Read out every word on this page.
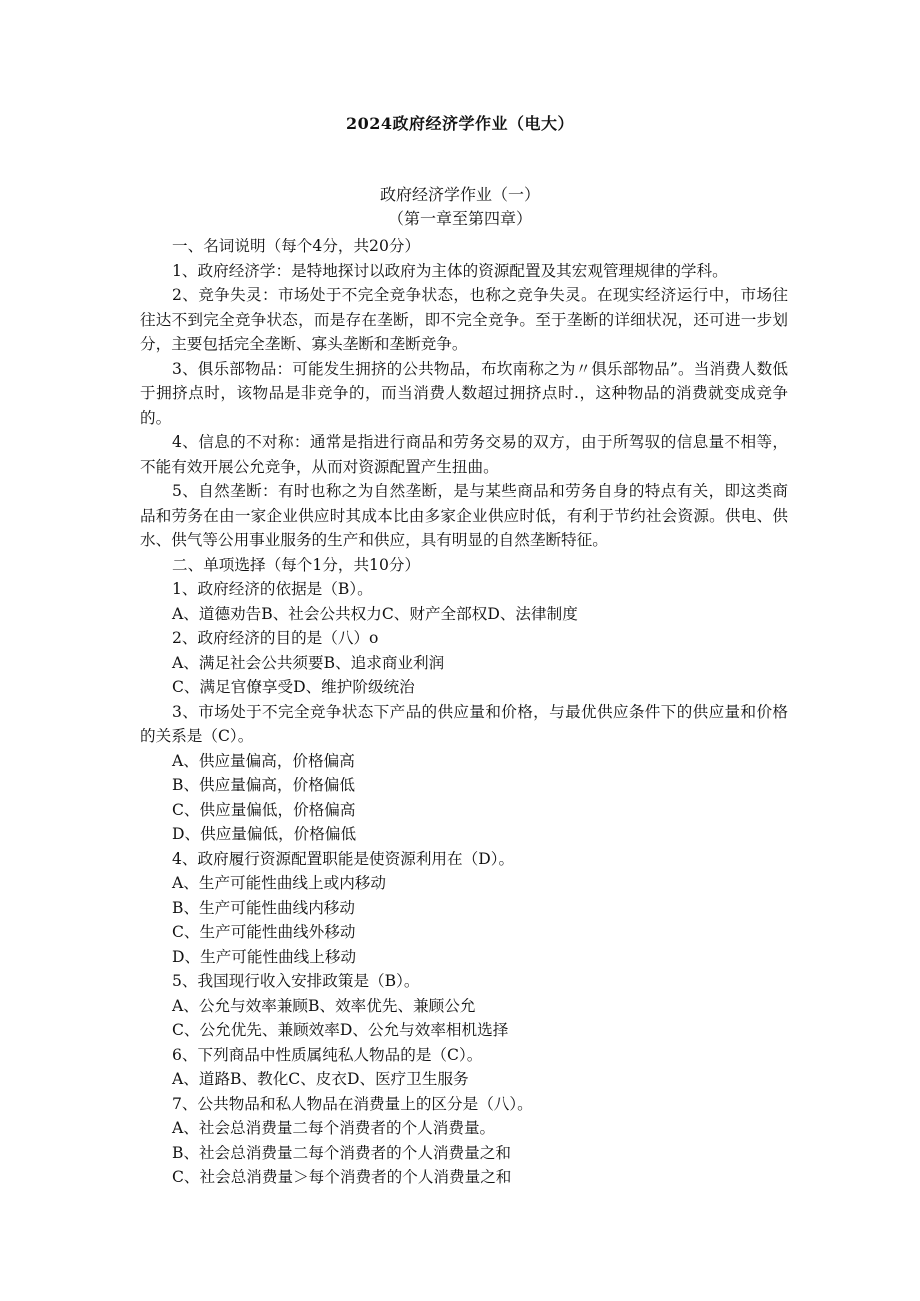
2024政府经济学作业（电大）
政府经济学作业（一）
（第一章至第四章）

一、名词说明（每个4分，共20分）

1、政府经济学：是特地探讨以政府为主体的资源配置及其宏观管理规律的学科。

2、竞争失灵：市场处于不完全竞争状态，也称之竞争失灵。在现实经济运行中，市场往往达不到完全竞争状态，而是存在垄断，即不完全竞争。至于垄断的详细状况，还可进一步划分，主要包括完全垄断、寡头垄断和垄断竞争。

3、俱乐部物品：可能发生拥挤的公共物品，布坎南称之为〃俱乐部物品”。当消费人数低于拥挤点时，该物品是非竞争的，而当消费人数超过拥挤点时.，这种物品的消费就变成竞争的。

4、信息的不对称：通常是指进行商品和劳务交易的双方，由于所驾驭的信息量不相等，不能有效开展公允竞争，从而对资源配置产生扭曲。

5、自然垄断：有时也称之为自然垄断，是与某些商品和劳务自身的特点有关，即这类商品和劳务在由一家企业供应时其成本比由多家企业供应时低，有利于节约社会资源。供电、供水、供气等公用事业服务的生产和供应，具有明显的自然垄断特征。

二、单项选择（每个1分，共10分）

1、政府经济的依据是（B）。

A、道德劝告B、社会公共权力C、财产全部权D、法律制度

2、政府经济的目的是（八）o

A、满足社会公共须要B、追求商业利润

C、满足官僚享受D、维护阶级统治

3、市场处于不完全竞争状态下产品的供应量和价格，与最优供应条件下的供应量和价格的关系是（C）。

A、供应量偏高，价格偏高

B、供应量偏高，价格偏低

C、供应量偏低，价格偏高

D、供应量偏低，价格偏低

4、政府履行资源配置职能是使资源利用在（D）。

A、生产可能性曲线上或内移动

B、生产可能性曲线内移动

C、生产可能性曲线外移动

D、生产可能性曲线上移动

5、我国现行收入安排政策是（B）。

A、公允与效率兼顾B、效率优先、兼顾公允

C、公允优先、兼顾效率D、公允与效率相机选择

6、下列商品中性质属纯私人物品的是（C）。

A、道路B、教化C、皮衣D、医疗卫生服务

7、公共物品和私人物品在消费量上的区分是（八）。

A、社会总消费量二每个消费者的个人消费量。

B、社会总消费量二每个消费者的个人消费量之和

C、社会总消费量＞每个消费者的个人消费量之和
